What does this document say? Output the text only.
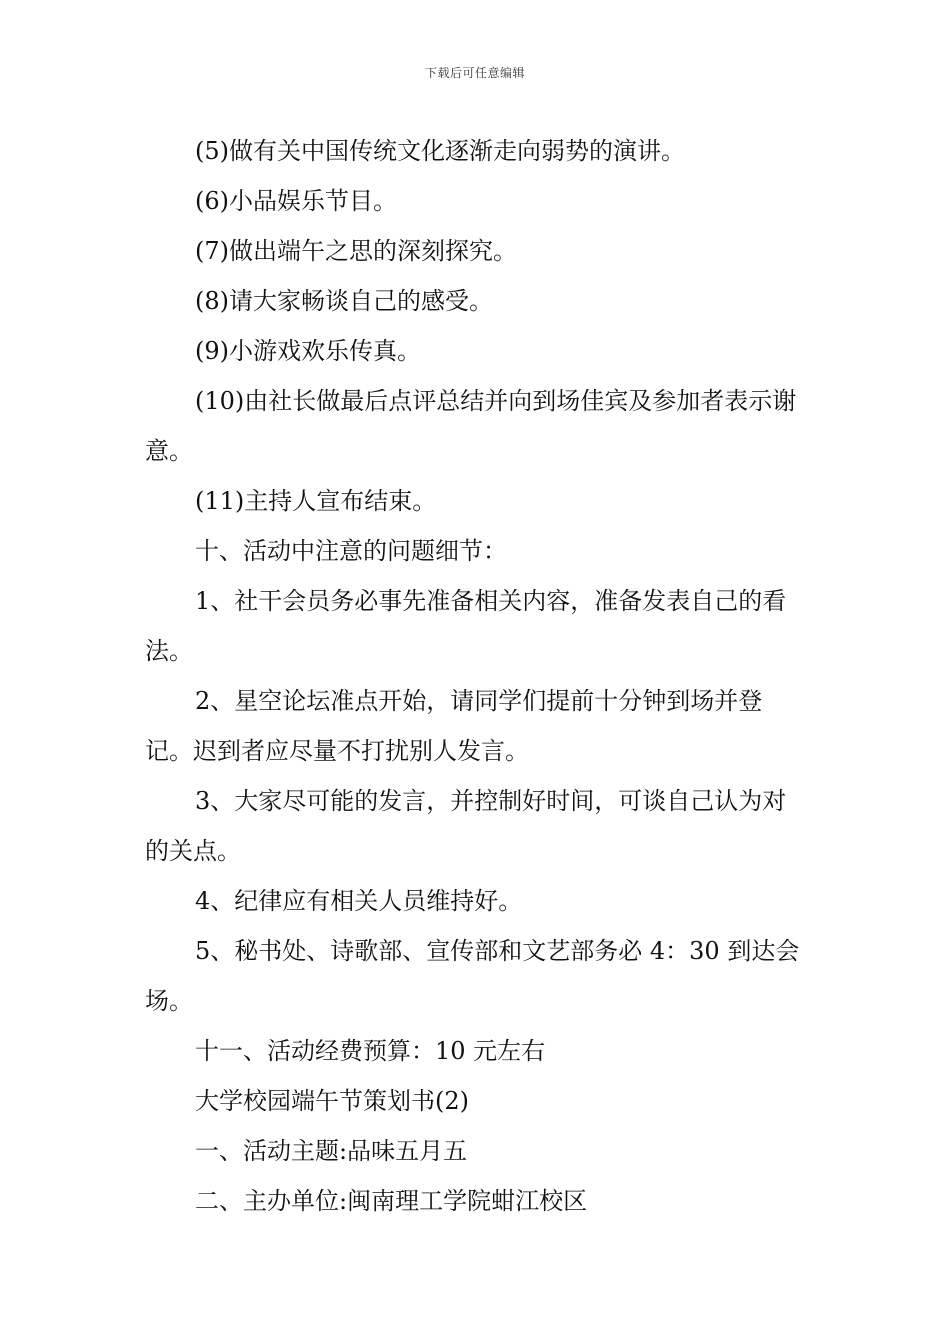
下载后可任意编辑

(5)做有关中国传统文化逐渐走向弱势的演讲。

(6)小品娱乐节目。

(7)做出端午之思的深刻探究。

(8)请大家畅谈自己的感受。

(9)小游戏欢乐传真。

(10)由社长做最后点评总结并向到场佳宾及参加者表示谢意。

(11)主持人宣布结束。

十、活动中注意的问题细节：

1、社干会员务必事先准备相关内容，准备发表自己的看法。

2、星空论坛准点开始，请同学们提前十分钟到场并登记。迟到者应尽量不打扰别人发言。

3、大家尽可能的发言，并控制好时间，可谈自己认为对的关点。

4、纪律应有相关人员维持好。

5、秘书处、诗歌部、宣传部和文艺部务必 4：30 到达会场。

十一、活动经费预算：10 元左右

大学校园端午节策划书(2)

一、活动主题:品味五月五

二、主办单位:闽南理工学院蚶江校区
